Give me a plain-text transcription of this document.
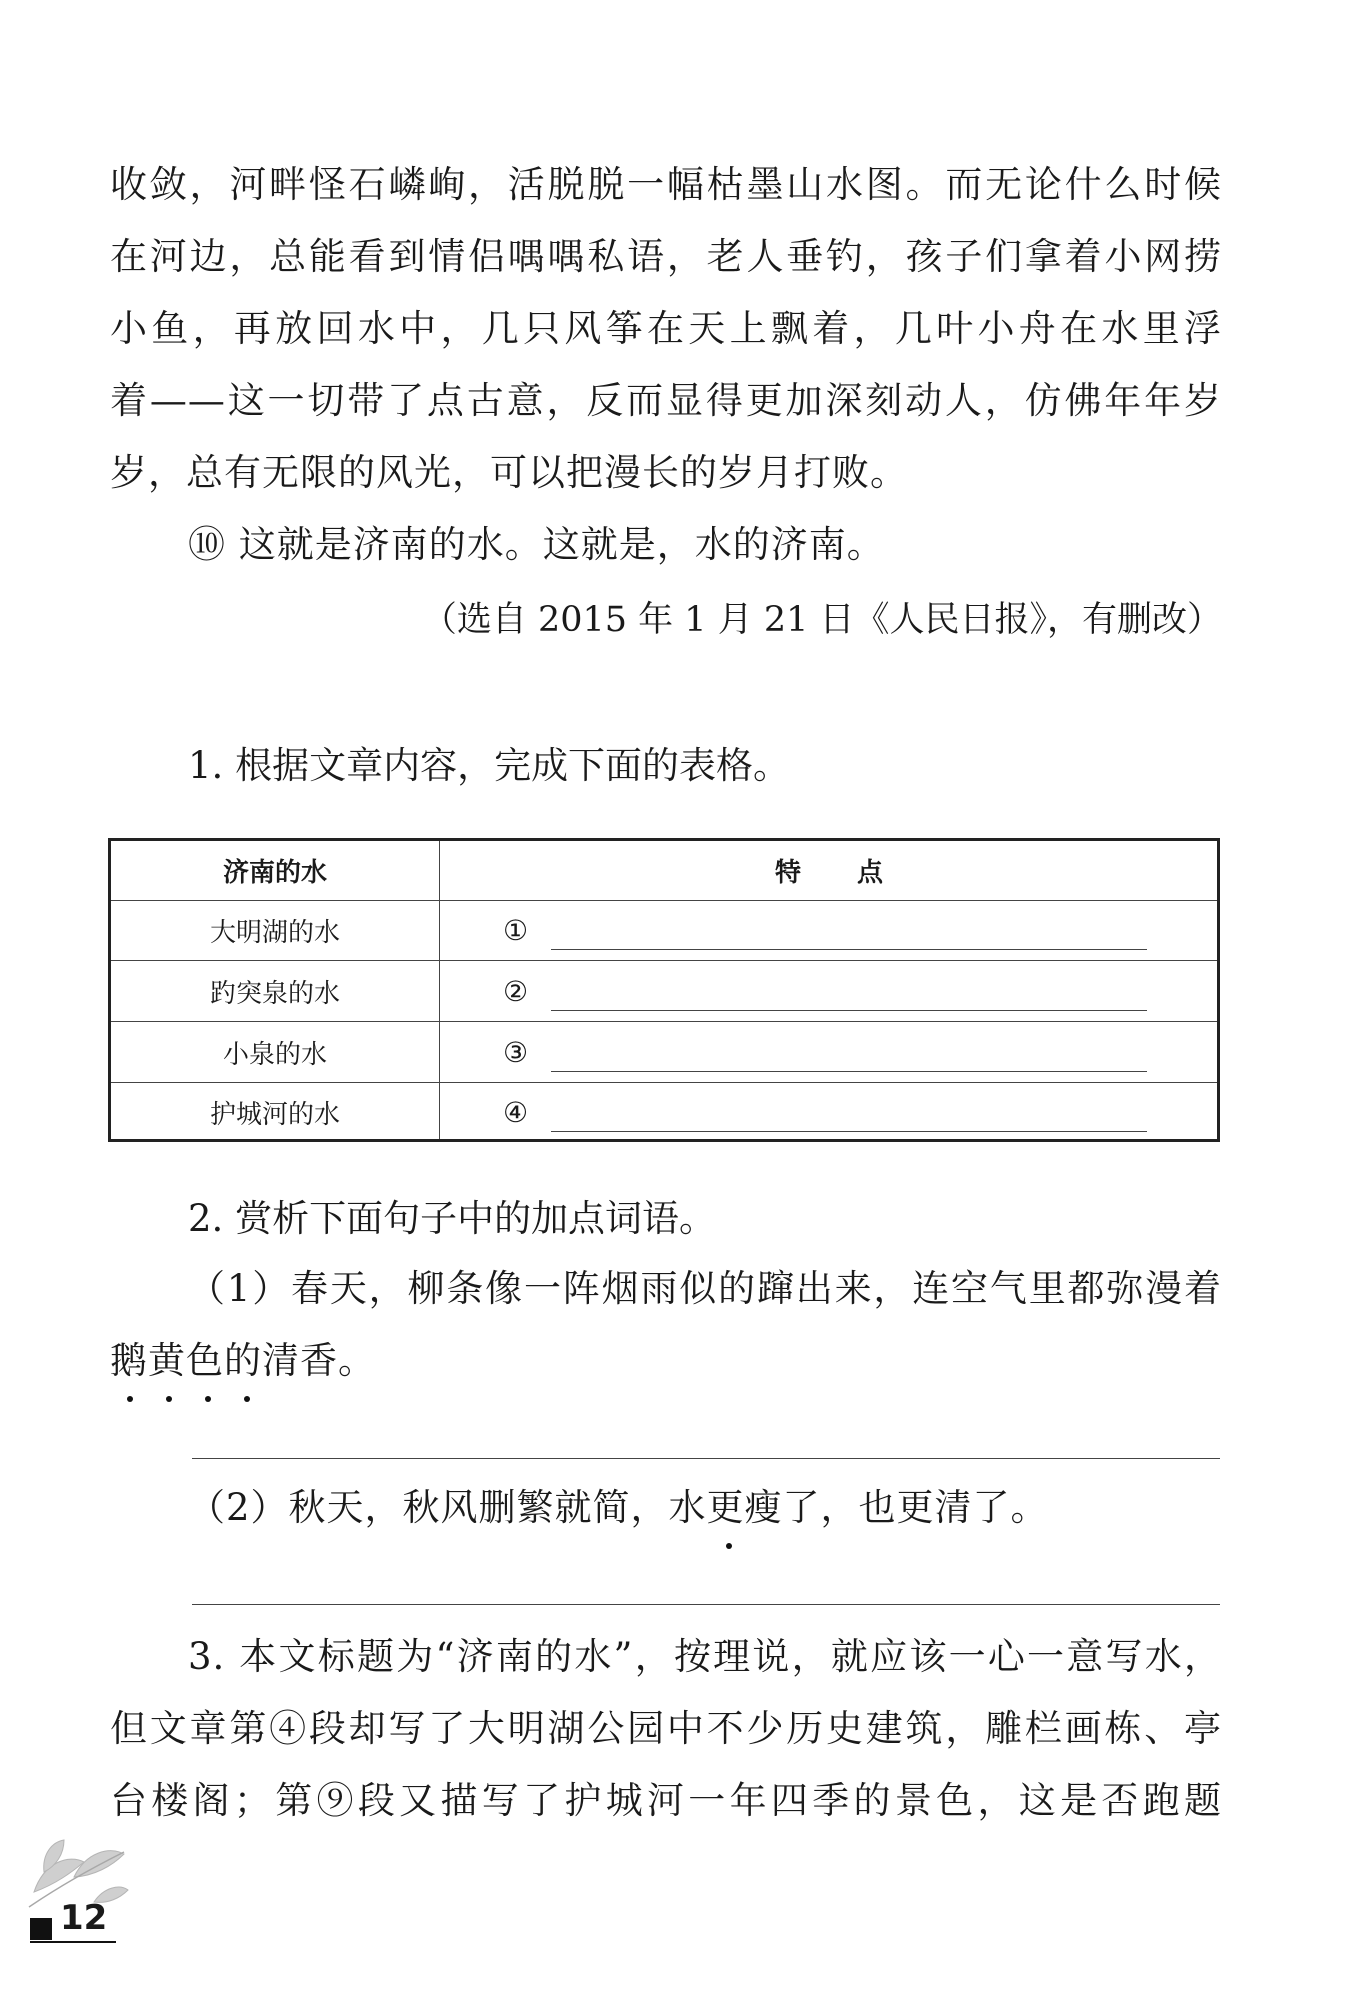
收敛，河畔怪石嶙峋，活脱脱一幅枯墨山水图。而无论什么时候
在河边，总能看到情侣喁喁私语，老人垂钓，孩子们拿着小网捞
小鱼，再放回水中，几只风筝在天上飘着，几叶小舟在水里浮
着——这一切带了点古意，反而显得更加深刻动人，仿佛年年岁
岁，总有无限的风光，可以把漫长的岁月打败。
⑩ 这就是济南的水。这就是，水的济南。
（选自 2015 年 1 月 21 日《人民日报》，有删改）
1. 根据文章内容，完成下面的表格。
济南的水	特点
大明湖的水	①
趵突泉的水	②
小泉的水	③
护城河的水	④
2. 赏析下面句子中的加点词语。
（1）春天，柳条像一阵烟雨似的蹿出来，连空气里都弥漫着
鹅黄色的清香。
（2）秋天，秋风删繁就简，水更瘦了，也更清了。
3. 本文标题为“济南的水”，按理说，就应该一心一意写水，
但文章第④段却写了大明湖公园中不少历史建筑，雕栏画栋、亭
台楼阁；第⑨段又描写了护城河一年四季的景色，这是否跑题
12
